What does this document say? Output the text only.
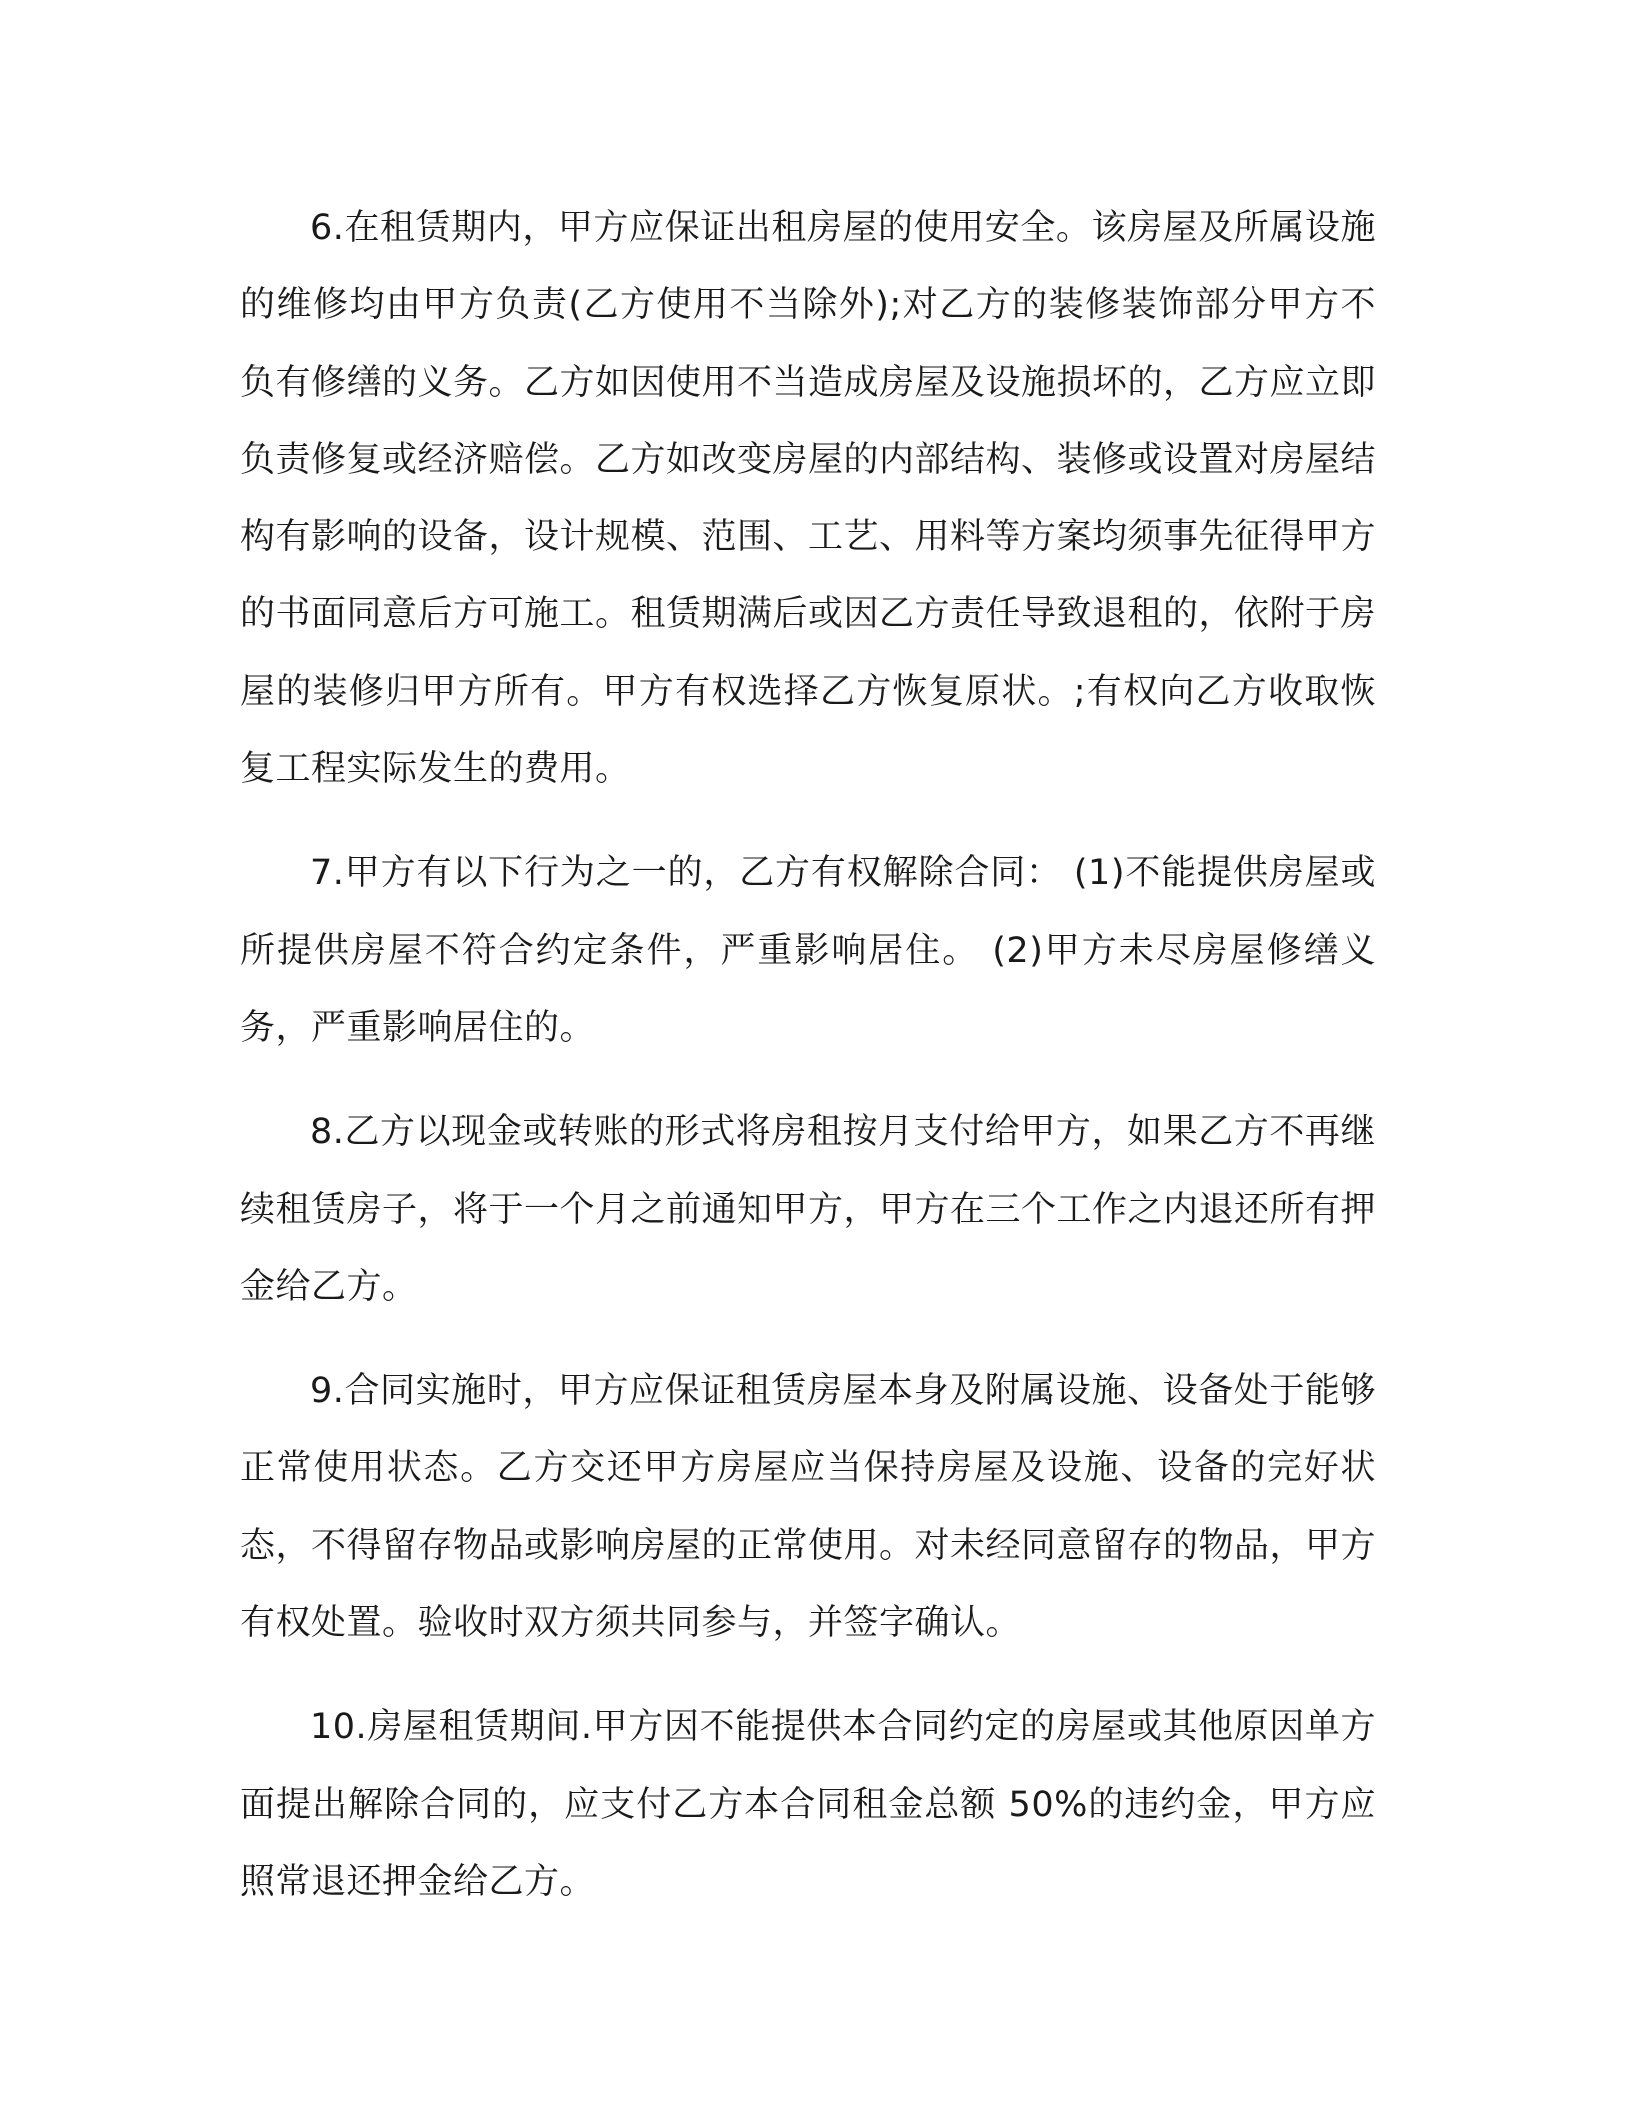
6.在租赁期内，甲方应保证出租房屋的使用安全。该房屋及所属设施的维修均由甲方负责(乙方使用不当除外);对乙方的装修装饰部分甲方不负有修缮的义务。乙方如因使用不当造成房屋及设施损坏的，乙方应立即负责修复或经济赔偿。乙方如改变房屋的内部结构、装修或设置对房屋结构有影响的设备，设计规模、范围、工艺、用料等方案均须事先征得甲方的书面同意后方可施工。租赁期满后或因乙方责任导致退租的，依附于房屋的装修归甲方所有。甲方有权选择乙方恢复原状。;有权向乙方收取恢复工程实际发生的费用。

7.甲方有以下行为之一的，乙方有权解除合同： (1)不能提供房屋或所提供房屋不符合约定条件，严重影响居住。 (2)甲方未尽房屋修缮义务，严重影响居住的。

8.乙方以现金或转账的形式将房租按月支付给甲方，如果乙方不再继续租赁房子，将于一个月之前通知甲方，甲方在三个工作之内退还所有押金给乙方。

9.合同实施时，甲方应保证租赁房屋本身及附属设施、设备处于能够正常使用状态。乙方交还甲方房屋应当保持房屋及设施、设备的完好状态，不得留存物品或影响房屋的正常使用。对未经同意留存的物品，甲方有权处置。验收时双方须共同参与，并签字确认。

10.房屋租赁期间.甲方因不能提供本合同约定的房屋或其他原因单方面提出解除合同的，应支付乙方本合同租金总额 50%的违约金，甲方应照常退还押金给乙方。
